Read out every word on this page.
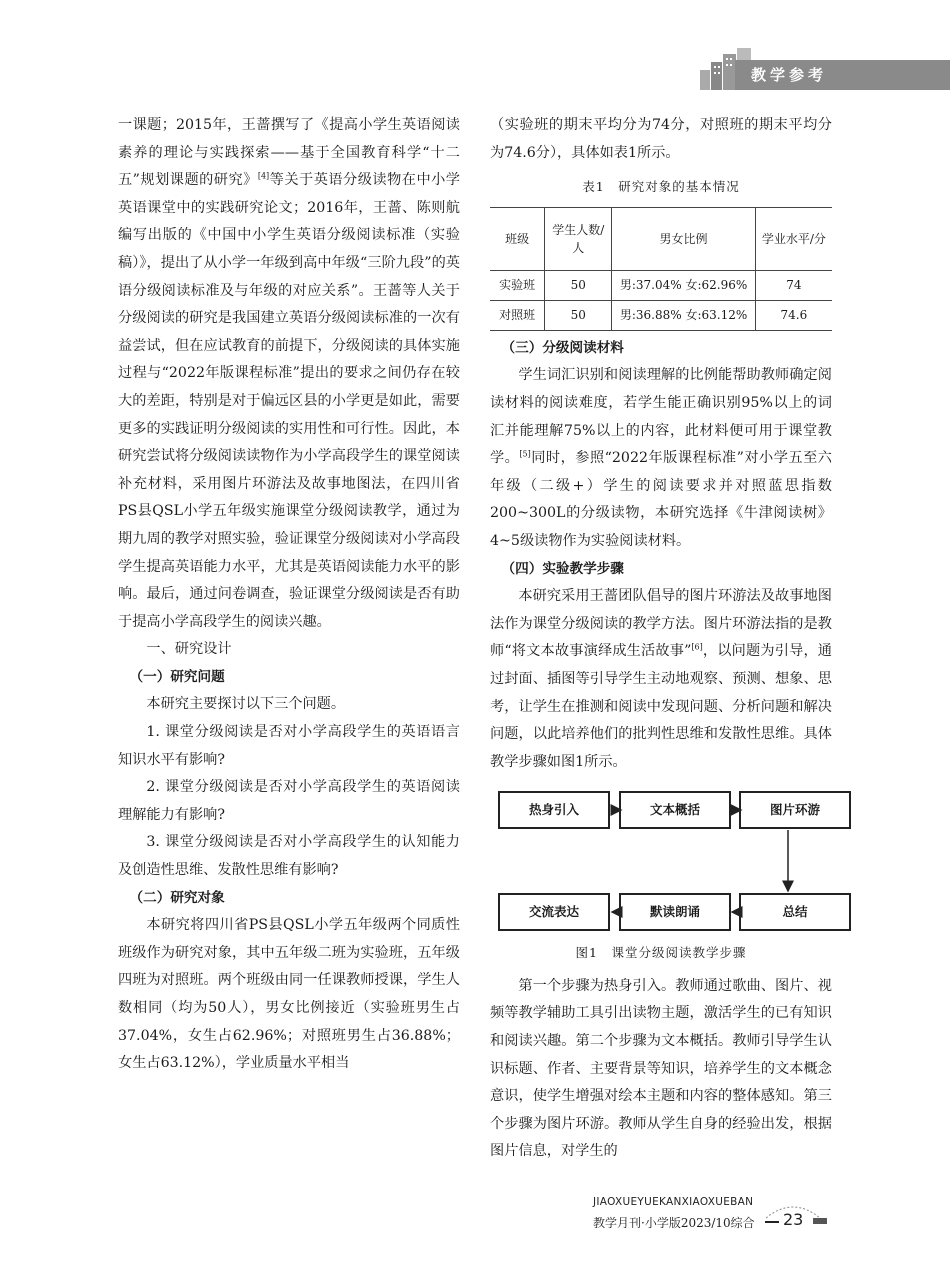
教学参考

一课题；2015年，王蔷撰写了《提高小学生英语阅读素养的理论与实践探索——基于全国教育科学“十二五”规划课题的研究》[4]等关于英语分级读物在中小学英语课堂中的实践研究论文；2016年，王蔷、陈则航编写出版的《中国中小学生英语分级阅读标准（实验稿）》，提出了从小学一年级到高中年级“三阶九段”的英语分级阅读标准及与年级的对应关系”。王蔷等人关于分级阅读的研究是我国建立英语分级阅读标准的一次有益尝试，但在应试教育的前提下，分级阅读的具体实施过程与“2022年版课程标准”提出的要求之间仍存在较大的差距，特别是对于偏远区县的小学更是如此，需要更多的实践证明分级阅读的实用性和可行性。因此，本研究尝试将分级阅读读物作为小学高段学生的课堂阅读补充材料，采用图片环游法及故事地图法，在四川省PS县QSL小学五年级实施课堂分级阅读教学，通过为期九周的教学对照实验，验证课堂分级阅读对小学高段学生提高英语能力水平，尤其是英语阅读能力水平的影响。最后，通过问卷调查，验证课堂分级阅读是否有助于提高小学高段学生的阅读兴趣。

一、研究设计

（一）研究问题

本研究主要探讨以下三个问题。

1. 课堂分级阅读是否对小学高段学生的英语语言知识水平有影响?

2. 课堂分级阅读是否对小学高段学生的英语阅读理解能力有影响?

3. 课堂分级阅读是否对小学高段学生的认知能力及创造性思维、发散性思维有影响?

（二）研究对象

本研究将四川省PS县QSL小学五年级两个同质性班级作为研究对象，其中五年级二班为实验班，五年级四班为对照班。两个班级由同一任课教师授课，学生人数相同（均为50人），男女比例接近（实验班男生占37.04%，女生占62.96%；对照班男生占36.88%；女生占63.12%），学业质量水平相当

（实验班的期末平均分为74分，对照班的期末平均分为74.6分），具体如表1所示。

表1　研究对象的基本情况
班级	学生人数/人	男女比例	学业水平/分
实验班	50	男:37.04% 女:62.96%	74
对照班	50	男:36.88% 女:63.12%	74.6

（三）分级阅读材料

学生词汇识别和阅读理解的比例能帮助教师确定阅读材料的阅读难度，若学生能正确识别95%以上的词汇并能理解75%以上的内容，此材料便可用于课堂教学。[5]同时，参照“2022年版课程标准”对小学五至六年级（二级+）学生的阅读要求并对照蓝思指数200~300L的分级读物，本研究选择《牛津阅读树》4~5级读物作为实验阅读材料。

（四）实验教学步骤

本研究采用王蔷团队倡导的图片环游法及故事地图法作为课堂分级阅读的教学方法。图片环游法指的是教师“将文本故事演绎成生活故事”[6]，以问题为引导，通过封面、插图等引导学生主动地观察、预测、想象、思考，让学生在推测和阅读中发现问题、分析问题和解决问题，以此培养他们的批判性思维和发散性思维。具体教学步骤如图1所示。

热身引入	文本概括	图片环游
总结
默读朗诵
交流表达
图1　课堂分级阅读教学步骤

第一个步骤为热身引入。教师通过歌曲、图片、视频等教学辅助工具引出读物主题，激活学生的已有知识和阅读兴趣。第二个步骤为文本概括。教师引导学生认识标题、作者、主要背景等知识，培养学生的文本概念意识，使学生增强对绘本主题和内容的整体感知。第三个步骤为图片环游。教师从学生自身的经验出发，根据图片信息，对学生的

JIAOXUEYUEKANXIAOXUEBAN
教学月刊·小学版2023/10综合 23
